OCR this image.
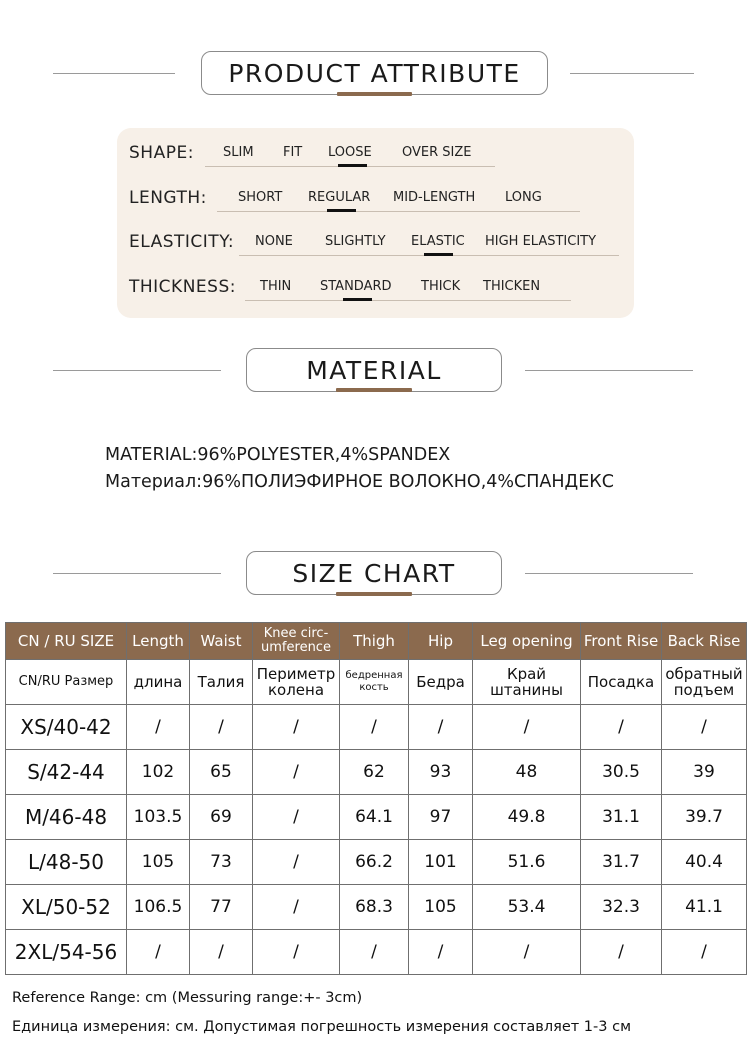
PRODUCT ATTRIBUTE
SHAPE: SLIM FIT LOOSE OVER SIZE
LENGTH: SHORT REGULAR MID-LENGTH LONG
ELASTICITY: NONE SLIGHTLY ELASTIC HIGH ELASTICITY
THICKNESS: THIN STANDARD THICK THICKEN
MATERIAL
MATERIAL:96%POLYESTER,4%SPANDEX
Материал:96%ПОЛИЭФИРНОЕ ВОЛОКНО,4%СПАНДЕКС
SIZE CHART
CN / RU SIZE	Length	Waist	Knee circ-umference	Thigh	Hip	Leg opening	Front Rise	Back Rise
CN/RU Размер	длина	Талия	Периметр колена	бедренная кость	Бедра	Край штанины	Посадка	обратный подъем
XS/40-42	/	/	/	/	/	/	/	/
S/42-44	102	65	/	62	93	48	30.5	39
M/46-48	103.5	69	/	64.1	97	49.8	31.1	39.7
L/48-50	105	73	/	66.2	101	51.6	31.7	40.4
XL/50-52	106.5	77	/	68.3	105	53.4	32.3	41.1
2XL/54-56	/	/	/	/	/	/	/	/
Reference Range: cm (Messuring range:+- 3cm)
Единица измерения: см. Допустимая погрешность измерения составляет 1-3 см
